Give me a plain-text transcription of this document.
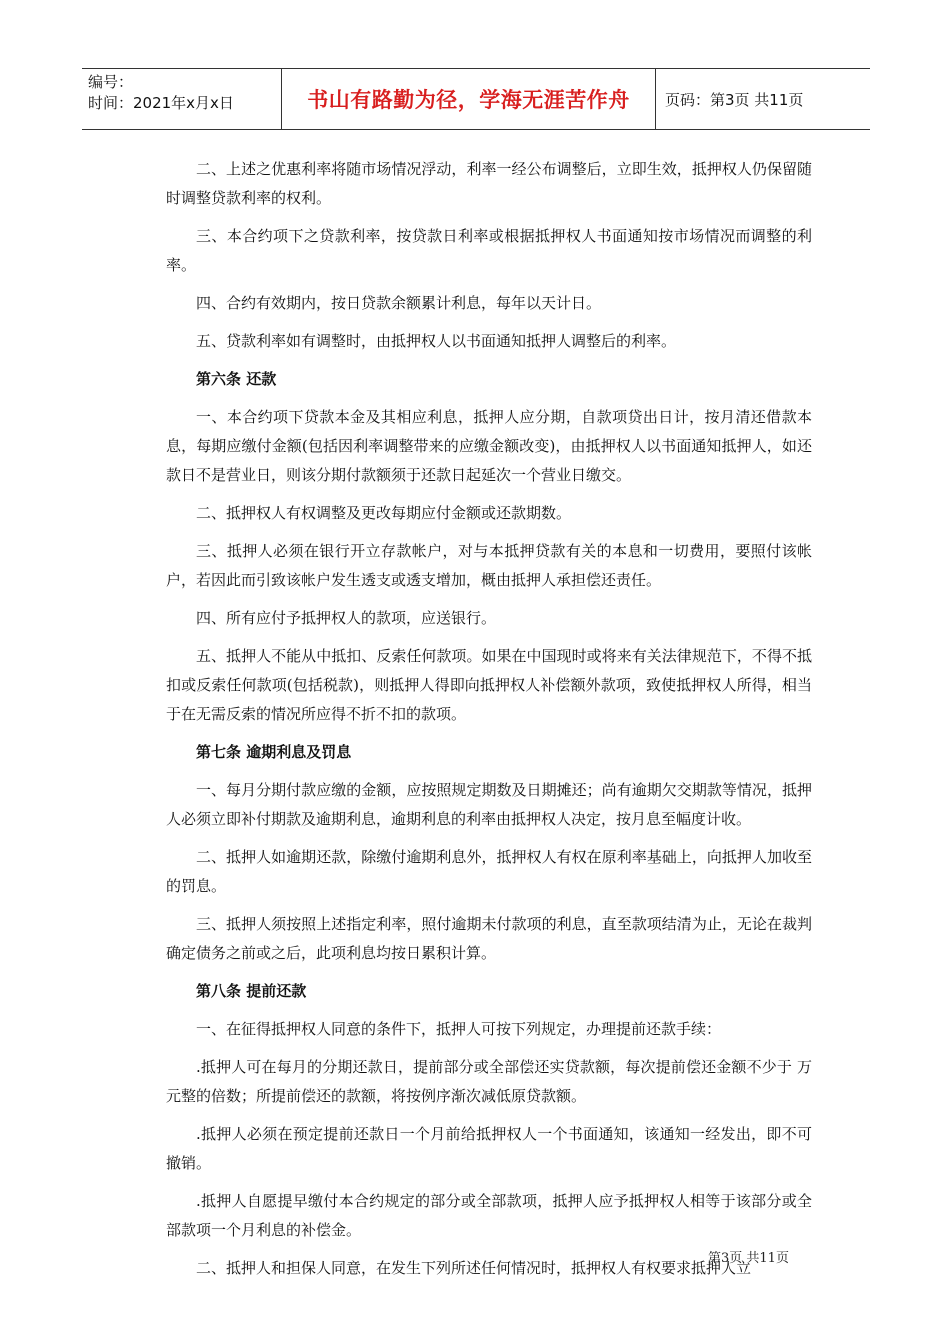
编号：
时间：2021年x月x日	书山有路勤为径，学海无涯苦作舟	页码：第3页 共11页

二、上述之优惠利率将随市场情况浮动，利率一经公布调整后，立即生效，抵押权人仍保留随时调整贷款利率的权利。

三、本合约项下之贷款利率，按贷款日利率或根据抵押权人书面通知按市场情况而调整的利率。

四、合约有效期内，按日贷款余额累计利息，每年以天计日。

五、贷款利率如有调整时，由抵押权人以书面通知抵押人调整后的利率。

第六条 还款

一、本合约项下贷款本金及其相应利息，抵押人应分期，自款项贷出日计，按月清还借款本息，每期应缴付金额(包括因利率调整带来的应缴金额改变)，由抵押权人以书面通知抵押人，如还款日不是营业日，则该分期付款额须于还款日起延次一个营业日缴交。

二、抵押权人有权调整及更改每期应付金额或还款期数。

三、抵押人必须在银行开立存款帐户，对与本抵押贷款有关的本息和一切费用，要照付该帐户，若因此而引致该帐户发生透支或透支增加，概由抵押人承担偿还责任。

四、所有应付予抵押权人的款项，应送银行。

五、抵押人不能从中抵扣、反索任何款项。如果在中国现时或将来有关法律规范下，不得不抵扣或反索任何款项(包括税款)，则抵押人得即向抵押权人补偿额外款项，致使抵押权人所得，相当于在无需反索的情况所应得不折不扣的款项。

第七条 逾期利息及罚息

一、每月分期付款应缴的金额，应按照规定期数及日期摊还；尚有逾期欠交期款等情况，抵押人必须立即补付期款及逾期利息，逾期利息的利率由抵押权人决定，按月息至幅度计收。

二、抵押人如逾期还款，除缴付逾期利息外，抵押权人有权在原利率基础上，向抵押人加收至的罚息。

三、抵押人须按照上述指定利率，照付逾期未付款项的利息，直至款项结清为止，无论在裁判确定债务之前或之后，此项利息均按日累积计算。

第八条 提前还款

一、在征得抵押权人同意的条件下，抵押人可按下列规定，办理提前还款手续：

.抵押人可在每月的分期还款日，提前部分或全部偿还实贷款额，每次提前偿还金额不少于 万元整的倍数；所提前偿还的款额，将按例序渐次减低原贷款额。

.抵押人必须在预定提前还款日一个月前给抵押权人一个书面通知，该通知一经发出，即不可撤销。

.抵押人自愿提早缴付本合约规定的部分或全部款项，抵押人应予抵押权人相等于该部分或全部款项一个月利息的补偿金。

二、抵押人和担保人同意，在发生下列所述任何情况时，抵押权人有权要求抵押人立

第3页 共11页
